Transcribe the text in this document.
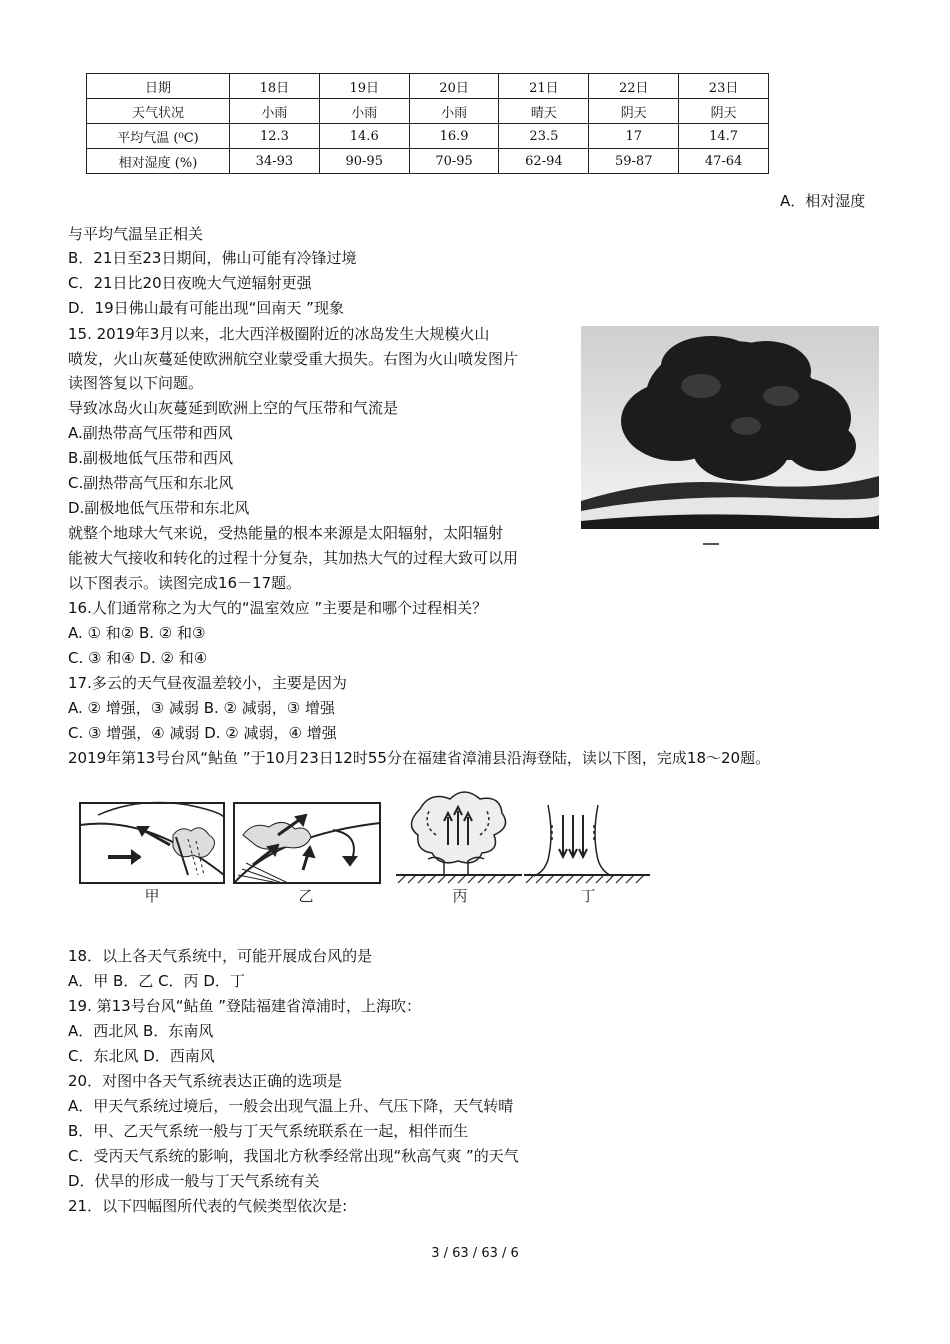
日期	18日	19日	20日	21日	22日	23日
天气状况	小雨	小雨	小雨	晴天	阴天	阴天
平均气温 (⁰C)	12.3	14.6	16.9	23.5	17	14.7
相对湿度 (%)	34-93	90-95	70-95	62-94	59-87	47-64
A．相对湿度
与平均气温呈正相关
B．21日至23日期间，佛山可能有冷锋过境
C．21日比20日夜晚大气逆辐射更强
D．19日佛山最有可能出现“回南天 ”现象
15. 2019年3月以来，北大西洋极圈附近的冰岛发生大规模火山
喷发，火山灰蔓延使欧洲航空业蒙受重大损失。右图为火山喷发图片
读图答复以下问题。
导致冰岛火山灰蔓延到欧洲上空的气压带和气流是
A.副热带高气压带和西风
B.副极地低气压带和西风
C.副热带高气压和东北风
D.副极地低气压带和东北风
就整个地球大气来说，受热能量的根本来源是太阳辐射，太阳辐射
能被大气接收和转化的过程十分复杂，其加热大气的过程大致可以用
以下图表示。读图完成16－17题。
16.人们通常称之为大气的“温室效应 ”主要是和哪个过程相关？
A. ① 和② B. ② 和③
C. ③ 和④ D. ② 和④
17.多云的天气昼夜温差较小，主要是因为
A. ② 增强，③ 减弱 B. ② 减弱，③ 增强
C. ③ 增强，④ 减弱 D. ② 减弱，④ 增强
2019年第13号台风“鲇鱼 ”于10月23日12时55分在福建省漳浦县沿海登陆，读以下图，完成18～20题。
甲	乙	丙	丁
18．以上各天气系统中，可能开展成台风的是
A．甲 B．乙 C．丙 D．丁
19. 第13号台风“鲇鱼 ”登陆福建省漳浦时，上海吹：
A．西北风 B．东南风
C．东北风 D．西南风
20．对图中各天气系统表达正确的选项是
A．甲天气系统过境后，一般会出现气温上升、气压下降，天气转晴
B．甲、乙天气系统一般与丁天气系统联系在一起，相伴而生
C．受丙天气系统的影响，我国北方秋季经常出现“秋高气爽 ”的天气
D．伏旱的形成一般与丁天气系统有关
21．以下四幅图所代表的气候类型依次是:
3 / 63 / 63 / 6
